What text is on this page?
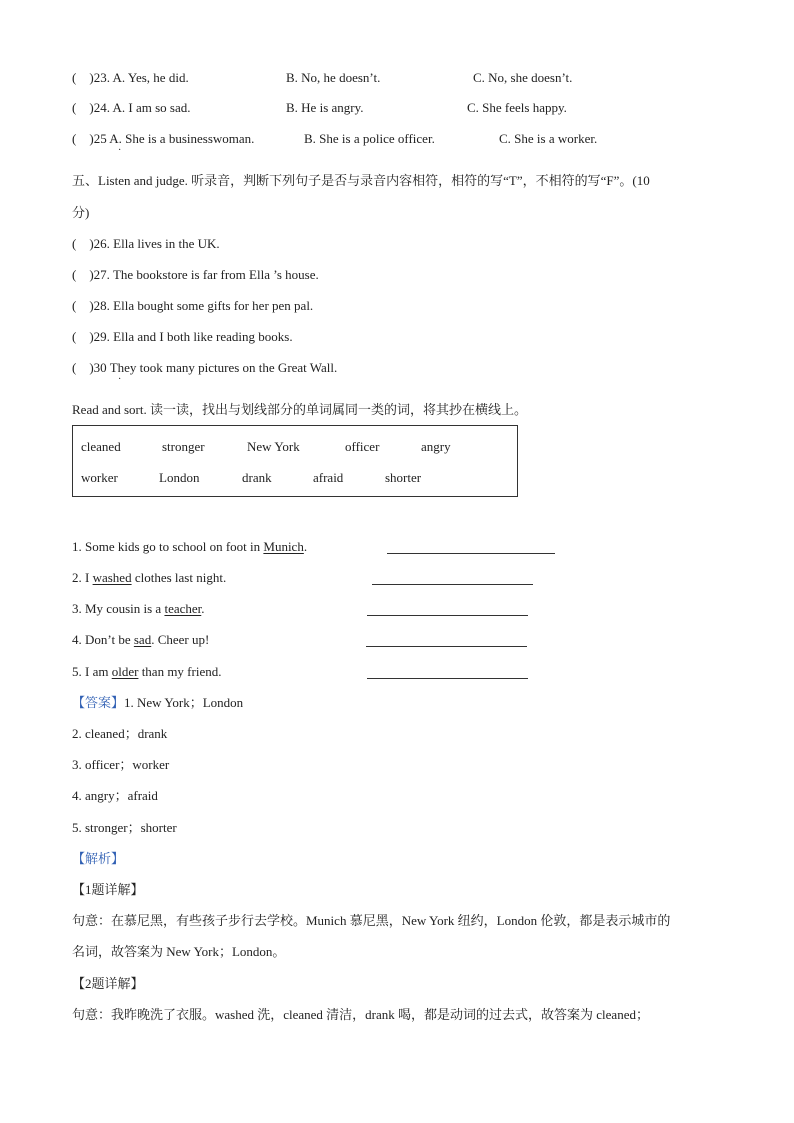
( )23. A. Yes, he did.	B. No, he doesn’t.	C. No, she doesn’t.
( )24. A. I am so sad.	B. He is angry.	C. She feels happy.
( )25 A. She is a businesswoman.	B. She is a police officer.	C. She is a worker.
·
五、Listen and judge. 听录音，判断下列句子是否与录音内容相符，相符的写“T”，不相符的写“F”。(10
分)
(    )26. Ella lives in the UK.
(    )27. The bookstore is far from Ella ’s house.
(    )28. Ella bought some gifts for her pen pal.
(    )29. Ella and I both like reading books.
(    )30 They took many pictures on the Great Wall.
·
Read and sort. 读一读，找出与划线部分的单词属同一类的词，将其抄在横线上。
cleaned	stronger	New York	officer	angry
worker	London	drank	afraid	shorter
1. Some kids go to school on foot in Munich.
2. I washed clothes last night.
3. My cousin is a teacher.
4. Don’t be sad. Cheer up!
5. I am older than my friend.
【答案】1. New York；London
2. cleaned；drank
3. officer；worker
4. angry；afraid
5. stronger；shorter
【解析】
【1题详解】
句意：在慕尼黑，有些孩子步行去学校。Munich 慕尼黑，New York 纽约，London 伦敦，都是表示城市的
名词，故答案为 New York；London。
【2题详解】
句意：我昨晚洗了衣服。washed 洗，cleaned 清洁，drank 喝，都是动词的过去式，故答案为 cleaned；
